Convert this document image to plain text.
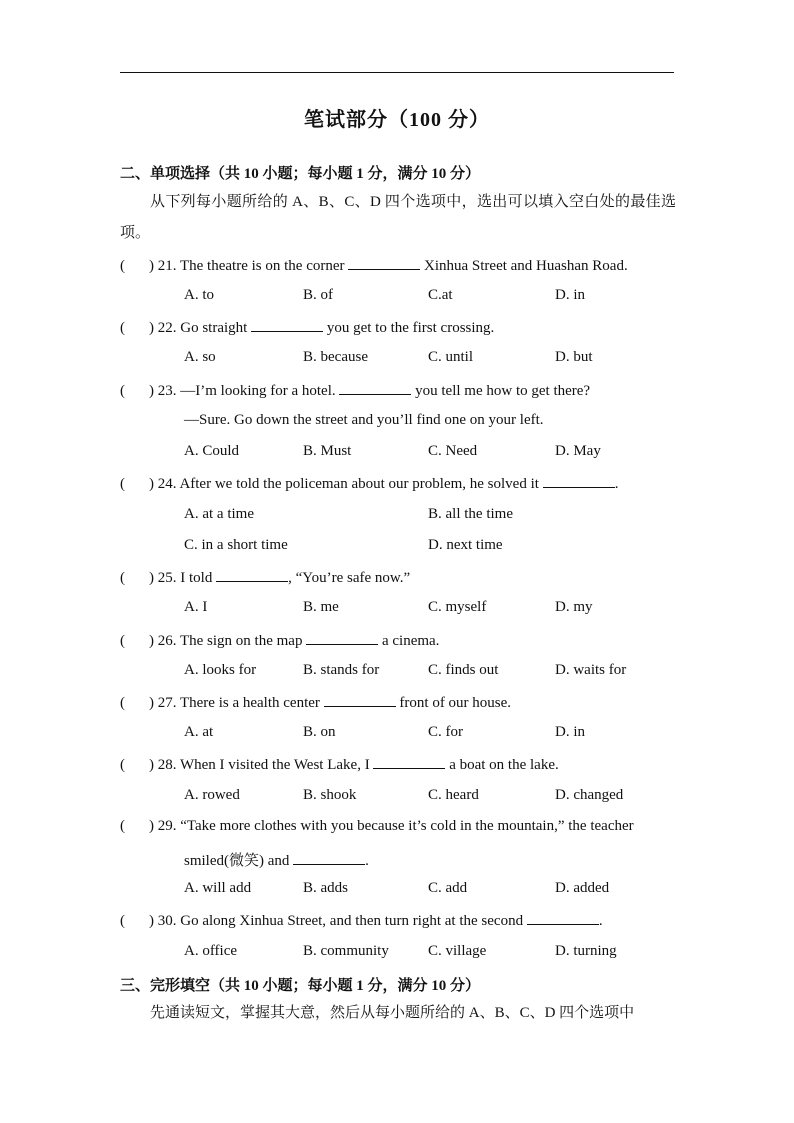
笔试部分（100 分）
二、单项选择（共 10 小题；每小题 1 分，满分 10 分）
从下列每小题所给的 A、B、C、D 四个选项中，选出可以填入空白处的最佳选项。
( ) 21. The theatre is on the corner	Xinhua Street and Huashan Road.
A. to	B. of	C.at	D. in
( ) 22. Go straight	you get to the first crossing.
A. so	B. because	C. until	D. but
( ) 23. —I’m looking for a hotel.	you tell me how to get there?
—Sure. Go down the street and you’ll find one on your left.
A. Could	B. Must	C. Need	D. May
( ) 24. After we told the policeman about our problem, he solved it	.
A. at a time	B. all the time
C. in a short time	D. next time
( ) 25. I told	, “You’re safe now.”
A. I	B. me	C. myself	D. my
( ) 26. The sign on the map	a cinema.
A. looks for	B. stands for	C. finds out	D. waits for
( ) 27. There is a health center	front of our house.
A. at	B. on	C. for	D. in
( ) 28. When I visited the West Lake, I	a boat on the lake.
A. rowed	B. shook	C. heard	D. changed
( ) 29. “Take more clothes with you because it’s cold in the mountain,” the teacher
smiled(微笑) and	.
A. will add	B. adds	C. add	D. added
( ) 30. Go along Xinhua Street, and then turn right at the second	.
A. office	B. community	C. village	D. turning
三、完形填空（共 10 小题；每小题 1 分，满分 10 分）
先通读短文，掌握其大意，然后从每小题所给的 A、B、C、D 四个选项中
